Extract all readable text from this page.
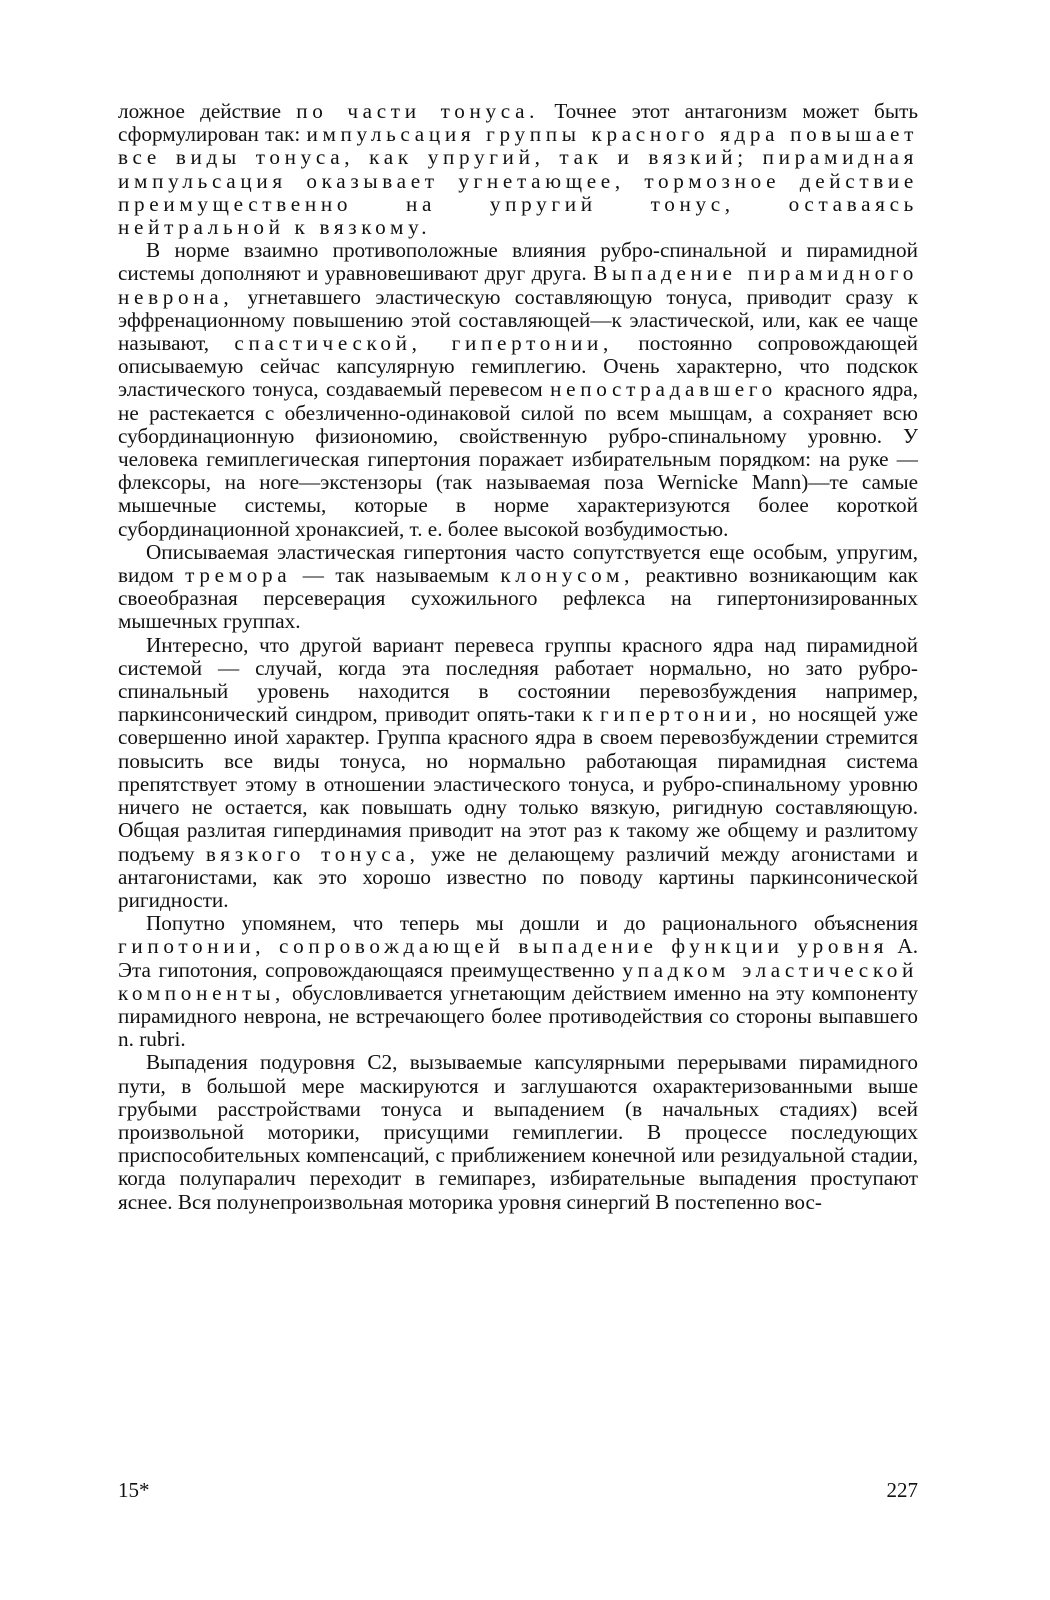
ложное действие по части тонуса. Точнее этот антагонизм может быть сформулирован так: импульсация группы красного ядра повышает все виды тонуса, как упругий, так и вязкий; пирамидная импульсация оказывает угнетающее, тормозное действие преимущественно на упругий тонус, оставаясь нейтральной к вязкому.

В норме взаимно противоположные влияния рубро-спинальной и пирамидной системы дополняют и уравновешивают друг друга. Выпадение пирамидного неврона, угнетавшего эластическую составляющую тонуса, приводит сразу к эффренационному повышению этой составляющей—к эластической, или, как ее чаще называют, спастической, гипертонии, постоянно сопровождающей описываемую сейчас капсулярную гемиплегию. Очень характерно, что подскок эластического тонуса, создаваемый перевесом непострадавшего красного ядра, не растекается с обезличенно-одинаковой силой по всем мышцам, а сохраняет всю субординационную физиономию, свойственную рубро-спинальному уровню. У человека гемиплегическая гипертония поражает избирательным порядком: на руке — флексоры, на ноге—экстензоры (так называемая поза Wernicke Mann)—те самые мышечные системы, которые в норме характеризуются более короткой субординационной хронаксией, т. е. более высокой возбудимостью.

Описываемая эластическая гипертония часто сопутствуется еще особым, упругим, видом тремора — так называемым клонусом, реактивно возникающим как своеобразная персеверация сухожильного рефлекса на гипертонизированных мышечных группах.

Интересно, что другой вариант перевеса группы красного ядра над пирамидной системой — случай, когда эта последняя работает нормально, но зато рубро-спинальный уровень находится в состоянии перевозбуждения например, паркинсонический синдром, приводит опять-таки к гипертонии, но носящей уже совершенно иной характер. Группа красного ядра в своем перевозбуждении стремится повысить все виды тонуса, но нормально работающая пирамидная система препятствует этому в отношении эластического тонуса, и рубро-спинальному уровню ничего не остается, как повышать одну только вязкую, ригидную составляющую. Общая разлитая гипердинамия приводит на этот раз к такому же общему и разлитому подъему вязкого тонуса, уже не делающему различий между агонистами и антагонистами, как это хорошо известно по поводу картины паркинсонической ригидности.

Попутно упомянем, что теперь мы дошли и до рационального объяснения гипотонии, сопровождающей выпадение функции уровня А. Эта гипотония, сопровождающаяся преимущественно упадком эластической компоненты, обусловливается угнетающим действием именно на эту компоненту пирамидного неврона, не встречающего более противодействия со стороны выпавшего n. rubri.

Выпадения подуровня C2, вызываемые капсулярными перерывами пирамидного пути, в большой мере маскируются и заглушаются охарактеризованными выше грубыми расстройствами тонуса и выпадением (в начальных стадиях) всей произвольной моторики, присущими гемиплегии. В процессе последующих приспособительных компенсаций, с приближением конечной или резидуальной стадии, когда полупаралич переходит в гемипарез, избирательные выпадения проступают яснее. Вся полунепроизвольная моторика уровня синергий В постепенно вос-

15*	227
